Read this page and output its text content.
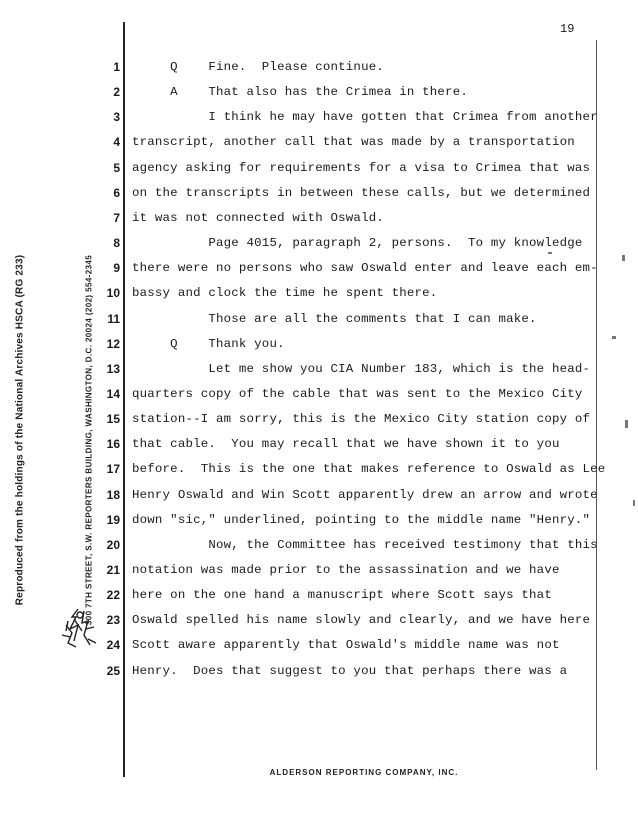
Reproduced from the holdings of the National Archives HSCA (RG 233)	300 7TH STREET, S.W. REPORTERS BUILDING, WASHINGTON, D.C. 20024 (202) 554-2345
19
1 Q    Fine.  Please continue.
2 A    That also has the Crimea in there.
3 I think he may have gotten that Crimea from another
4 transcript, another call that was made by a transportation
5 agency asking for requirements for a visa to Crimea that was
6 on the transcripts in between these calls, but we determined
7 it was not connected with Oswald.
8 Page 4015, paragraph 2, persons.  To my knowledge
9 there were no persons who saw Oswald enter and leave each em-
10 bassy and clock the time he spent there.
11 Those are all the comments that I can make.
12 Q    Thank you.
13 Let me show you CIA Number 183, which is the head-
14 quarters copy of the cable that was sent to the Mexico City
15 station--I am sorry, this is the Mexico City station copy of
16 that cable.  You may recall that we have shown it to you
17 before.  This is the one that makes reference to Oswald as Lee
18 Henry Oswald and Win Scott apparently drew an arrow and wrote
19 down "sic," underlined, pointing to the middle name "Henry."
20 Now, the Committee has received testimony that this
21 notation was made prior to the assassination and we have
22 here on the one hand a manuscript where Scott says that
23 Oswald spelled his name slowly and clearly, and we have here
24 Scott aware apparently that Oswald's middle name was not
25 Henry.  Does that suggest to you that perhaps there was a
ALDERSON REPORTING COMPANY, INC.
